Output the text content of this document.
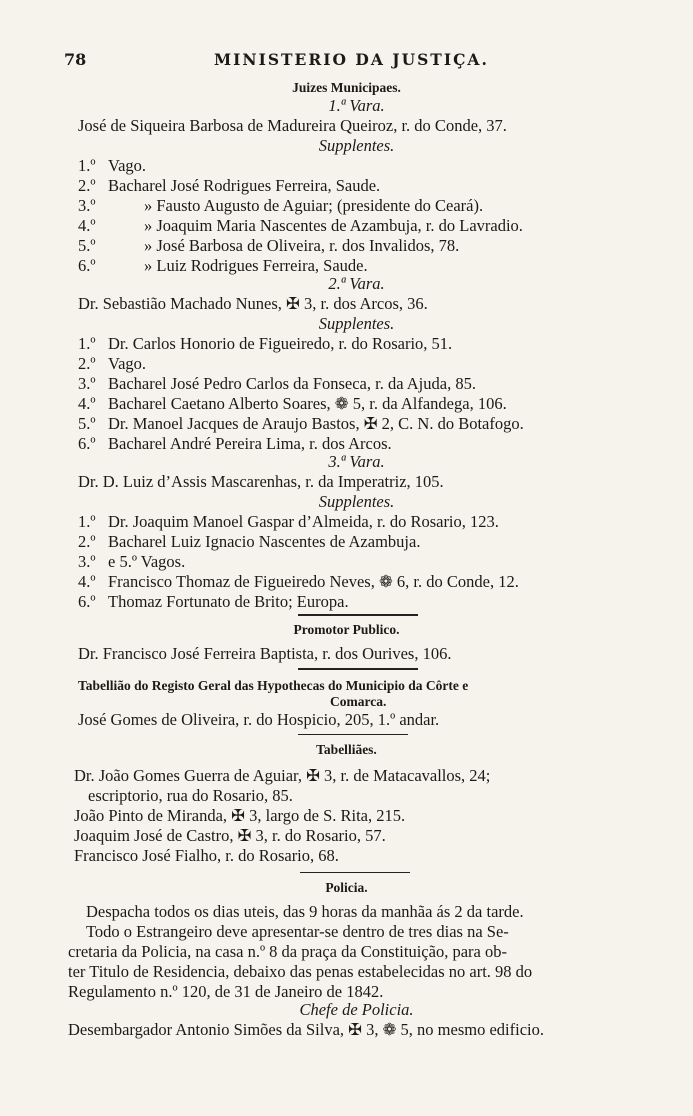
78	MINISTERIO DA JUSTIÇA.
Juizes Municipaes.
1.ª Vara.
José de Siqueira Barbosa de Madureira Queiroz, r. do Conde, 37.
Supplentes.
1.º Vago.
2.º Bacharel José Rodrigues Ferreira, Saude.
3.º	» Fausto Augusto de Aguiar; (presidente do Ceará).
4.º	» Joaquim Maria Nascentes de Azambuja, r. do Lavradio.
5.º	» José Barbosa de Oliveira, r. dos Invalidos, 78.
6.º	» Luiz Rodrigues Ferreira, Saude.
2.ª Vara.
Dr. Sebastião Machado Nunes, ✠ 3, r. dos Arcos, 36.
Supplentes.
1.º Dr. Carlos Honorio de Figueiredo, r. do Rosario, 51.
2.º Vago.
3.º Bacharel José Pedro Carlos da Fonseca, r. da Ajuda, 85.
4.º Bacharel Caetano Alberto Soares, ❁ 5, r. da Alfandega, 106.
5.º Dr. Manoel Jacques de Araujo Bastos, ✠ 2, C. N. do Botafogo.
6.º Bacharel André Pereira Lima, r. dos Arcos.
3.ª Vara.
Dr. D. Luiz d’Assis Mascarenhas, r. da Imperatriz, 105.
Supplentes.
1.º Dr. Joaquim Manoel Gaspar d’Almeida, r. do Rosario, 123.
2.º Bacharel Luiz Ignacio Nascentes de Azambuja.
3.º e 5.º Vagos.
4.º Francisco Thomaz de Figueiredo Neves, ❁ 6, r. do Conde, 12.
6.º Thomaz Fortunato de Brito; Europa.
Promotor Publico.
Dr. Francisco José Ferreira Baptista, r. dos Ourives, 106.
Tabellião do Registo Geral das Hypothecas do Municipio da Côrte e
Comarca.
José Gomes de Oliveira, r. do Hospicio, 205, 1.º andar.
Tabelliães.
Dr. João Gomes Guerra de Aguiar, ✠ 3, r. de Matacavallos, 24;
escriptorio, rua do Rosario, 85.
João Pinto de Miranda, ✠ 3, largo de S. Rita, 215.
Joaquim José de Castro, ✠ 3, r. do Rosario, 57.
Francisco José Fialho, r. do Rosario, 68.
Policia.
Despacha todos os dias uteis, das 9 horas da manhãa ás 2 da tarde.
Todo o Estrangeiro deve apresentar-se dentro de tres dias na Se-
cretaria da Policia, na casa n.º 8 da praça da Constituição, para ob-
ter Titulo de Residencia, debaixo das penas estabelecidas no art. 98 do
Regulamento n.º 120, de 31 de Janeiro de 1842.
Chefe de Policia.
Desembargador Antonio Simões da Silva, ✠ 3, ❁ 5, no mesmo edificio.
